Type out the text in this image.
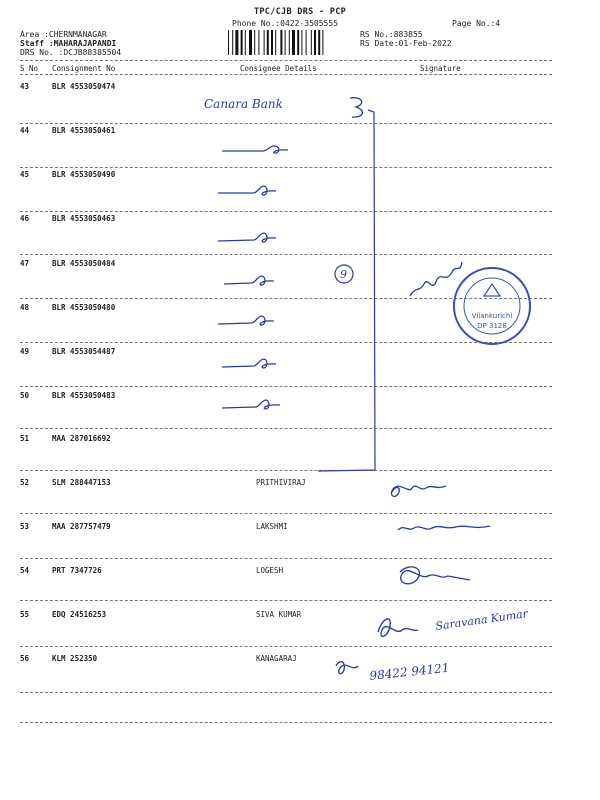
TPC/CJB DRS - PCP
Phone No.:0422-3505555	Page No.:4
Area :CHERNMANAGAR
Staff :MAHARAJAPANDI
DRS No. :DCJB88385504
RS No.:883855
RS Date:01-Feb-2022
S No Consignment No	Consignee Details	Signature
43	BLR 4553050474
44	BLR 4553050461
45	BLR 4553050490
46	BLR 4553050463
47	BLR 4553050484
48	BLR 4553050480
49	BLR 4553054487
50	BLR 4553050483
51	MAA 287016692
52	SLM 288447153	PRITHIVIRAJ
53	MAA 287757479	LAKSHMI
54	PRT 7347726	LOGESH
55	EDQ 24516253	SIVA KUMAR
56	KLM 252350	KANAGARAJ
Canara Bank
9
Vilankurichi
DP 3128
Saravana Kumar
98422 94121
